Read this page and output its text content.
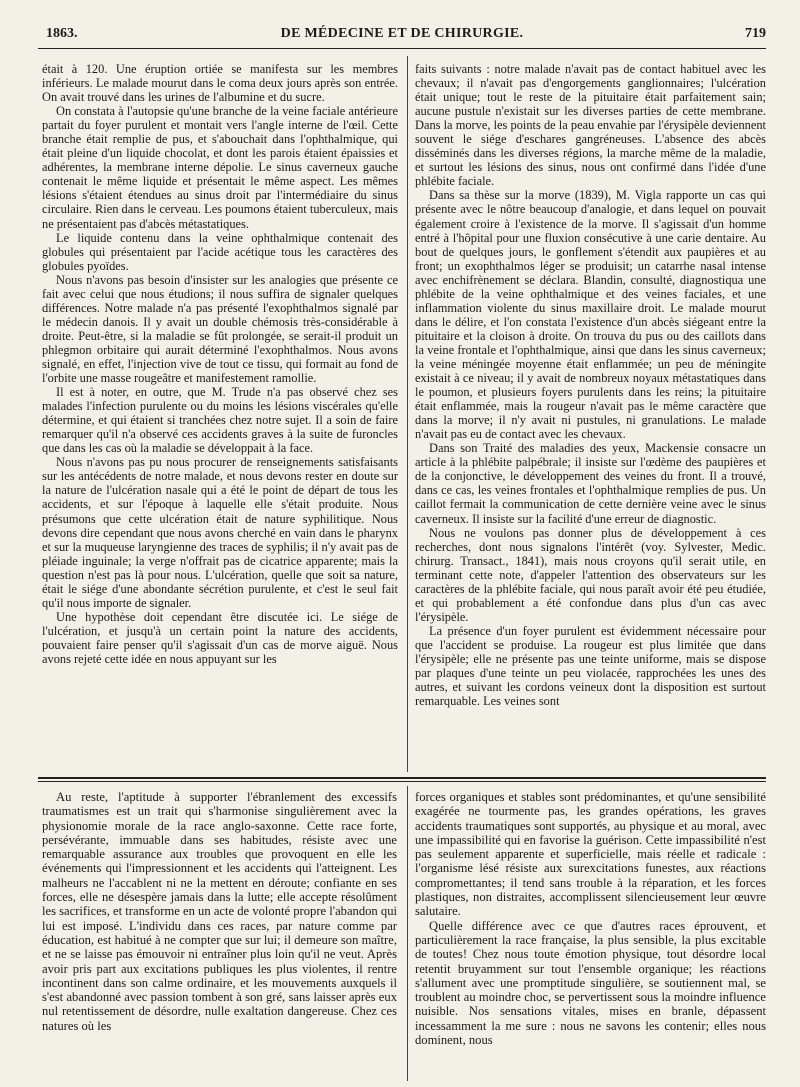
1863.	DE MÉDECINE ET DE CHIRURGIE.	719

était à 120. Une éruption ortiée se manifesta sur les membres inférieurs. Le malade mourut dans le coma deux jours après son entrée. On avait trouvé dans les urines de l'albumine et du sucre.

On constata à l'autopsie qu'une branche de la veine faciale antérieure partait du foyer purulent et montait vers l'angle interne de l'œil. Cette branche était remplie de pus, et s'abouchait dans l'ophthalmique, qui était pleine d'un liquide chocolat, et dont les parois étaient épaissies et adhérentes, la membrane interne dépolie. Le sinus caverneux gauche contenait le même liquide et présentait le même aspect. Les mêmes lésions s'étaient étendues au sinus droit par l'intermédiaire du sinus circulaire. Rien dans le cerveau. Les poumons étaient tuberculeux, mais ne présentaient pas d'abcès métastatiques.

Le liquide contenu dans la veine ophthalmique contenait des globules qui présentaient par l'acide acétique tous les caractères des globules pyoïdes.

Nous n'avons pas besoin d'insister sur les analogies que présente ce fait avec celui que nous étudions; il nous suffira de signaler quelques différences. Notre malade n'a pas présenté l'exophthalmos signalé par le médecin danois. Il y avait un double chémosis très-considérable à droite. Peut-être, si la maladie se fût prolongée, se serait-il produit un phlegmon orbitaire qui aurait déterminé l'exophthalmos. Nous avons signalé, en effet, l'injection vive de tout ce tissu, qui formait au fond de l'orbite une masse rougeâtre et manifestement ramollie.

Il est à noter, en outre, que M. Trude n'a pas observé chez ses malades l'infection purulente ou du moins les lésions viscérales qu'elle détermine, et qui étaient si tranchées chez notre sujet. Il a soin de faire remarquer qu'il n'a observé ces accidents graves à la suite de furoncles que dans les cas où la maladie se développait à la face.

Nous n'avons pas pu nous procurer de renseignements satisfaisants sur les antécédents de notre malade, et nous devons rester en doute sur la nature de l'ulcération nasale qui a été le point de départ de tous les accidents, et sur l'époque à laquelle elle s'était produite. Nous présumons que cette ulcération était de nature syphilitique. Nous devons dire cependant que nous avons cherché en vain dans le pharynx et sur la muqueuse laryngienne des traces de syphilis; il n'y avait pas de pléiade inguinale; la verge n'offrait pas de cicatrice apparente; mais la question n'est pas là pour nous. L'ulcération, quelle que soit sa nature, était le siége d'une abondante sécrétion purulente, et c'est le seul fait qu'il nous importe de signaler.

Une hypothèse doit cependant être discutée ici. Le siége de l'ulcération, et jusqu'à un certain point la nature des accidents, pouvaient faire penser qu'il s'agissait d'un cas de morve aiguë. Nous avons rejeté cette idée en nous appuyant sur les

faits suivants : notre malade n'avait pas de contact habituel avec les chevaux; il n'avait pas d'engorgements ganglionnaires; l'ulcération était unique; tout le reste de la pituitaire était parfaitement sain; aucune pustule n'existait sur les diverses parties de cette membrane. Dans la morve, les points de la peau envahie par l'érysipèle deviennent souvent le siége d'eschares gangréneuses. L'absence des abcès disséminés dans les diverses régions, la marche même de la maladie, et surtout les lésions des sinus, nous ont confirmé dans l'idée d'une phlébite faciale.

Dans sa thèse sur la morve (1839), M. Vigla rapporte un cas qui présente avec le nôtre beaucoup d'analogie, et dans lequel on pouvait également croire à l'existence de la morve. Il s'agissait d'un homme entré à l'hôpital pour une fluxion consécutive à une carie dentaire. Au bout de quelques jours, le gonflement s'étendit aux paupières et au front; un exophthalmos léger se produisit; un catarrhe nasal intense avec enchifrènement se déclara. Blandin, consulté, diagnostiqua une phlébite de la veine ophthalmique et des veines faciales, et une inflammation violente du sinus maxillaire droit. Le malade mourut dans le délire, et l'on constata l'existence d'un abcès siégeant entre la pituitaire et la cloison à droite. On trouva du pus ou des caillots dans la veine frontale et l'ophthalmique, ainsi que dans les sinus caverneux; la veine méningée moyenne était enflammée; un peu de méningite existait à ce niveau; il y avait de nombreux noyaux métastatiques dans le poumon, et plusieurs foyers purulents dans les reins; la pituitaire était enflammée, mais la rougeur n'avait pas le même caractère que dans la morve; il n'y avait ni pustules, ni granulations. Le malade n'avait pas eu de contact avec les chevaux.

Dans son Traité des maladies des yeux, Mackensie consacre un article à la phlébite palpébrale; il insiste sur l'œdème des paupières et de la conjonctive, le développement des veines du front. Il a trouvé, dans ce cas, les veines frontales et l'ophthalmique remplies de pus. Un caillot fermait la communication de cette dernière veine avec le sinus caverneux. Il insiste sur la facilité d'une erreur de diagnostic.

Nous ne voulons pas donner plus de développement à ces recherches, dont nous signalons l'intérêt (voy. Sylvester, Medic. chirurg. Transact., 1841), mais nous croyons qu'il serait utile, en terminant cette note, d'appeler l'attention des observateurs sur les caractères de la phlébite faciale, qui nous paraît avoir été peu étudiée, et qui probablement a été confondue dans plus d'un cas avec l'érysipèle.

La présence d'un foyer purulent est évidemment nécessaire pour que l'accident se produise. La rougeur est plus limitée que dans l'érysipèle; elle ne présente pas une teinte uniforme, mais se dispose par plaques d'une teinte un peu violacée, rapprochées les unes des autres, et suivant les cordons veineux dont la disposition est surtout remarquable. Les veines sont

Au reste, l'aptitude à supporter l'ébranlement des excessifs traumatismes est un trait qui s'harmonise singulièrement avec la physionomie morale de la race anglo-saxonne. Cette race forte, persévérante, immuable dans ses habitudes, résiste avec une remarquable assurance aux troubles que provoquent en elle les événements qui l'impressionnent et les accidents qui l'atteignent. Les malheurs ne l'accablent ni ne la mettent en déroute; confiante en ses forces, elle ne désespère jamais dans la lutte; elle accepte résolûment les sacrifices, et transforme en un acte de volonté propre l'abandon qui lui est imposé. L'individu dans ces races, par nature comme par éducation, est habitué à ne compter que sur lui; il demeure son maître, et ne se laisse pas émouvoir ni entraîner plus loin qu'il ne veut. Après avoir pris part aux excitations publiques les plus violentes, il rentre incontinent dans son calme ordinaire, et les mouvements auxquels il s'est abandonné avec passion tombent à son gré, sans laisser après eux nul retentissement de désordre, nulle exaltation dangereuse. Chez ces natures où les

forces organiques et stables sont prédominantes, et qu'une sensibilité exagérée ne tourmente pas, les grandes opérations, les graves accidents traumatiques sont supportés, au physique et au moral, avec une impassibilité qui en favorise la guérison. Cette impassibilité n'est pas seulement apparente et superficielle, mais réelle et radicale : l'organisme lésé résiste aux surexcitations funestes, aux réactions compromettantes; il tend sans trouble à la réparation, et les forces plastiques, non distraites, accomplissent silencieusement leur œuvre salutaire.

Quelle différence avec ce que d'autres races éprouvent, et particulièrement la race française, la plus sensible, la plus excitable de toutes! Chez nous toute émotion physique, tout désordre local retentit bruyamment sur tout l'ensemble organique; les réactions s'allument avec une promptitude singulière, se soutiennent mal, se troublent au moindre choc, se pervertissent sous la moindre influence nuisible. Nos sensations vitales, mises en branle, dépassent incessamment la me sure : nous ne savons les contenir; elles nous dominent, nous
